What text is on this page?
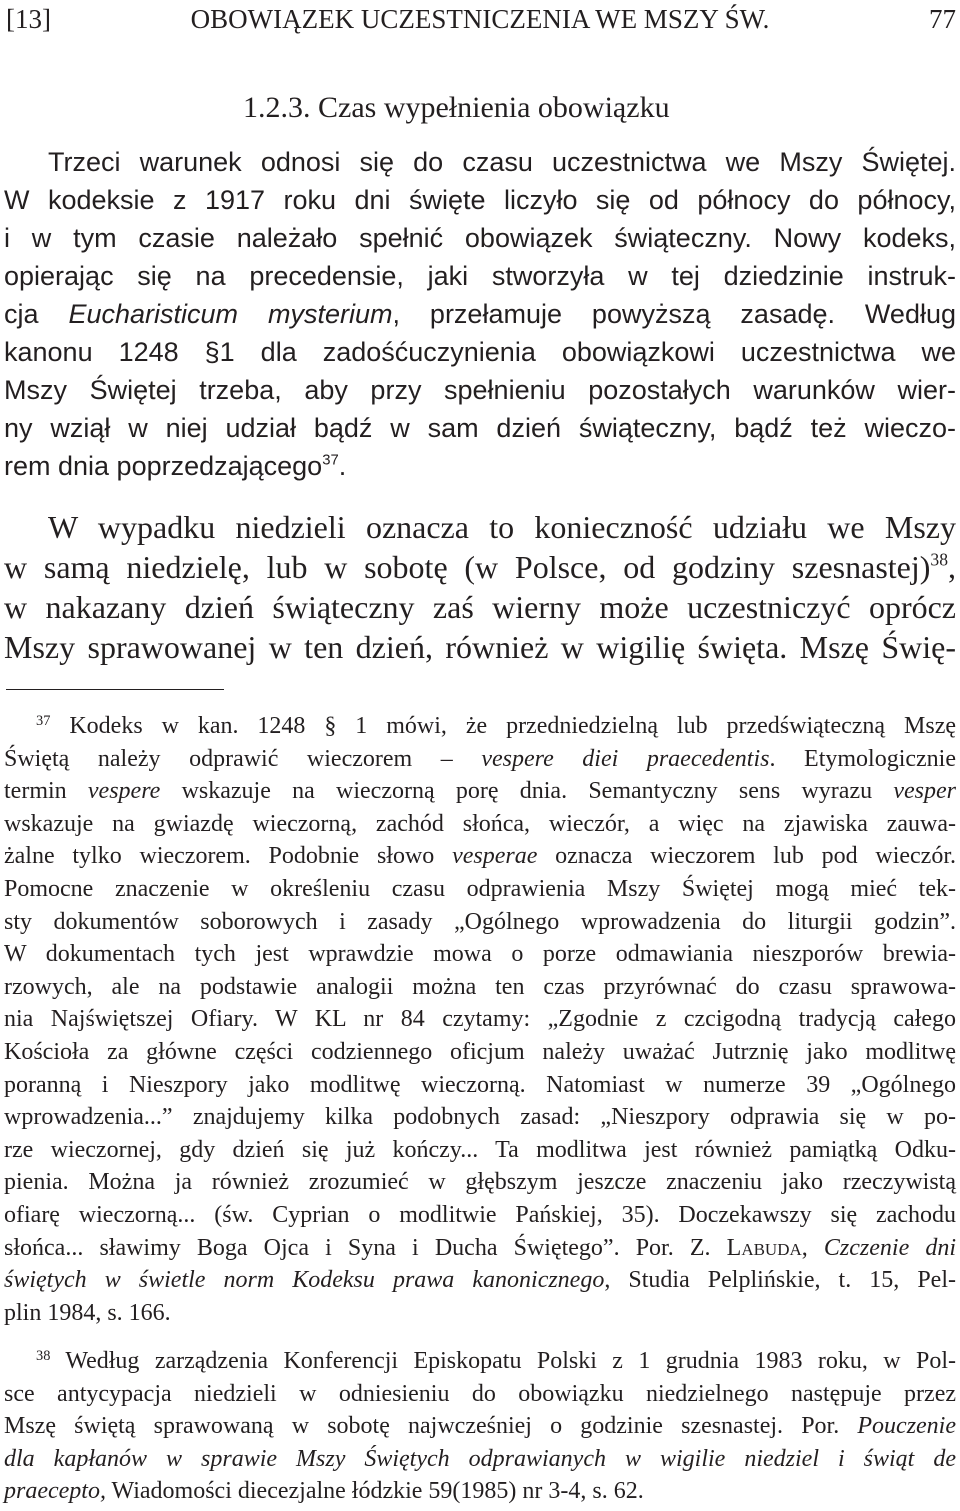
[13]	OBOWIĄZEK UCZESTNICZENIA WE MSZY ŚW.	77
1.2.3. Czas wypełnienia obowiązku
Trzeci warunek odnosi się do czasu uczestnictwa we Mszy Świętej.
W kodeksie z 1917 roku dni święte liczyło się od północy do północy,
i w tym czasie należało spełnić obowiązek świąteczny. Nowy kodeks,
opierając się na precedensie, jaki stworzyła w tej dziedzinie instruk-
cja Eucharisticum mysterium, przełamuje powyższą zasadę. Według
kanonu 1248 §1 dla zadośćuczynienia obowiązkowi uczestnictwa we
Mszy Świętej trzeba, aby przy spełnieniu pozostałych warunków wier-
ny wziął w niej udział bądź w sam dzień świąteczny, bądź też wieczo-
rem dnia poprzedzającego$^{37}$.
W wypadku niedzieli oznacza to konieczność udziału we Mszy
w samą niedzielę, lub w sobotę (w Polsce, od godziny szesnastej)$^{38}$,
w nakazany dzień świąteczny zaś wierny może uczestniczyć oprócz
Mszy sprawowanej w ten dzień, również w wigilię święta. Mszę Świę-
$^{37}$ Kodeks w kan. 1248 § 1 mówi, że przedniedzielną lub przedświąteczną Mszę
Świętą należy odprawić wieczorem – vespere diei praecedentis. Etymologicznie
termin vespere wskazuje na wieczorną porę dnia. Semantyczny sens wyrazu vesper
wskazuje na gwiazdę wieczorną, zachód słońca, wieczór, a więc na zjawiska zauwa-
żalne tylko wieczorem. Podobnie słowo vesperae oznacza wieczorem lub pod wieczór.
Pomocne znaczenie w określeniu czasu odprawienia Mszy Świętej mogą mieć tek-
sty dokumentów soborowych i zasady „Ogólnego wprowadzenia do liturgii godzin”.
W dokumentach tych jest wprawdzie mowa o porze odmawiania nieszporów brewia-
rzowych, ale na podstawie analogii można ten czas przyrównać do czasu sprawowa-
nia Najświętszej Ofiary. W KL nr 84 czytamy: „Zgodnie z czcigodną tradycją całego
Kościoła za główne części codziennego oficjum należy uważać Jutrznię jako modlitwę
poranną i Nieszpory jako modlitwę wieczorną. Natomiast w numerze 39 „Ogólnego
wprowadzenia...” znajdujemy kilka podobnych zasad: „Nieszpory odprawia się w po-
rze wieczornej, gdy dzień się już kończy... Ta modlitwa jest również pamiątką Odku-
pienia. Można ja również zrozumieć w głębszym jeszcze znaczeniu jako rzeczywistą
ofiarę wieczorną... (św. Cyprian o modlitwie Pańskiej, 35). Doczekawszy się zachodu
słońca... sławimy Boga Ojca i Syna i Ducha Świętego”. Por. Z. Labuda, Czczenie dni
świętych w świetle norm Kodeksu prawa kanonicznego, Studia Pelplińskie, t. 15, Pel-
plin 1984, s. 166.
$^{38}$ Według zarządzenia Konferencji Episkopatu Polski z 1 grudnia 1983 roku, w Pol-
sce antycypacja niedzieli w odniesieniu do obowiązku niedzielnego następuje przez
Mszę świętą sprawowaną w sobotę najwcześniej o godzinie szesnastej. Por. Pouczenie
dla kapłanów w sprawie Mszy Świętych odprawianych w wigilie niedziel i świąt de
praecepto, Wiadomości diecezjalne łódzkie 59(1985) nr 3-4, s. 62.
